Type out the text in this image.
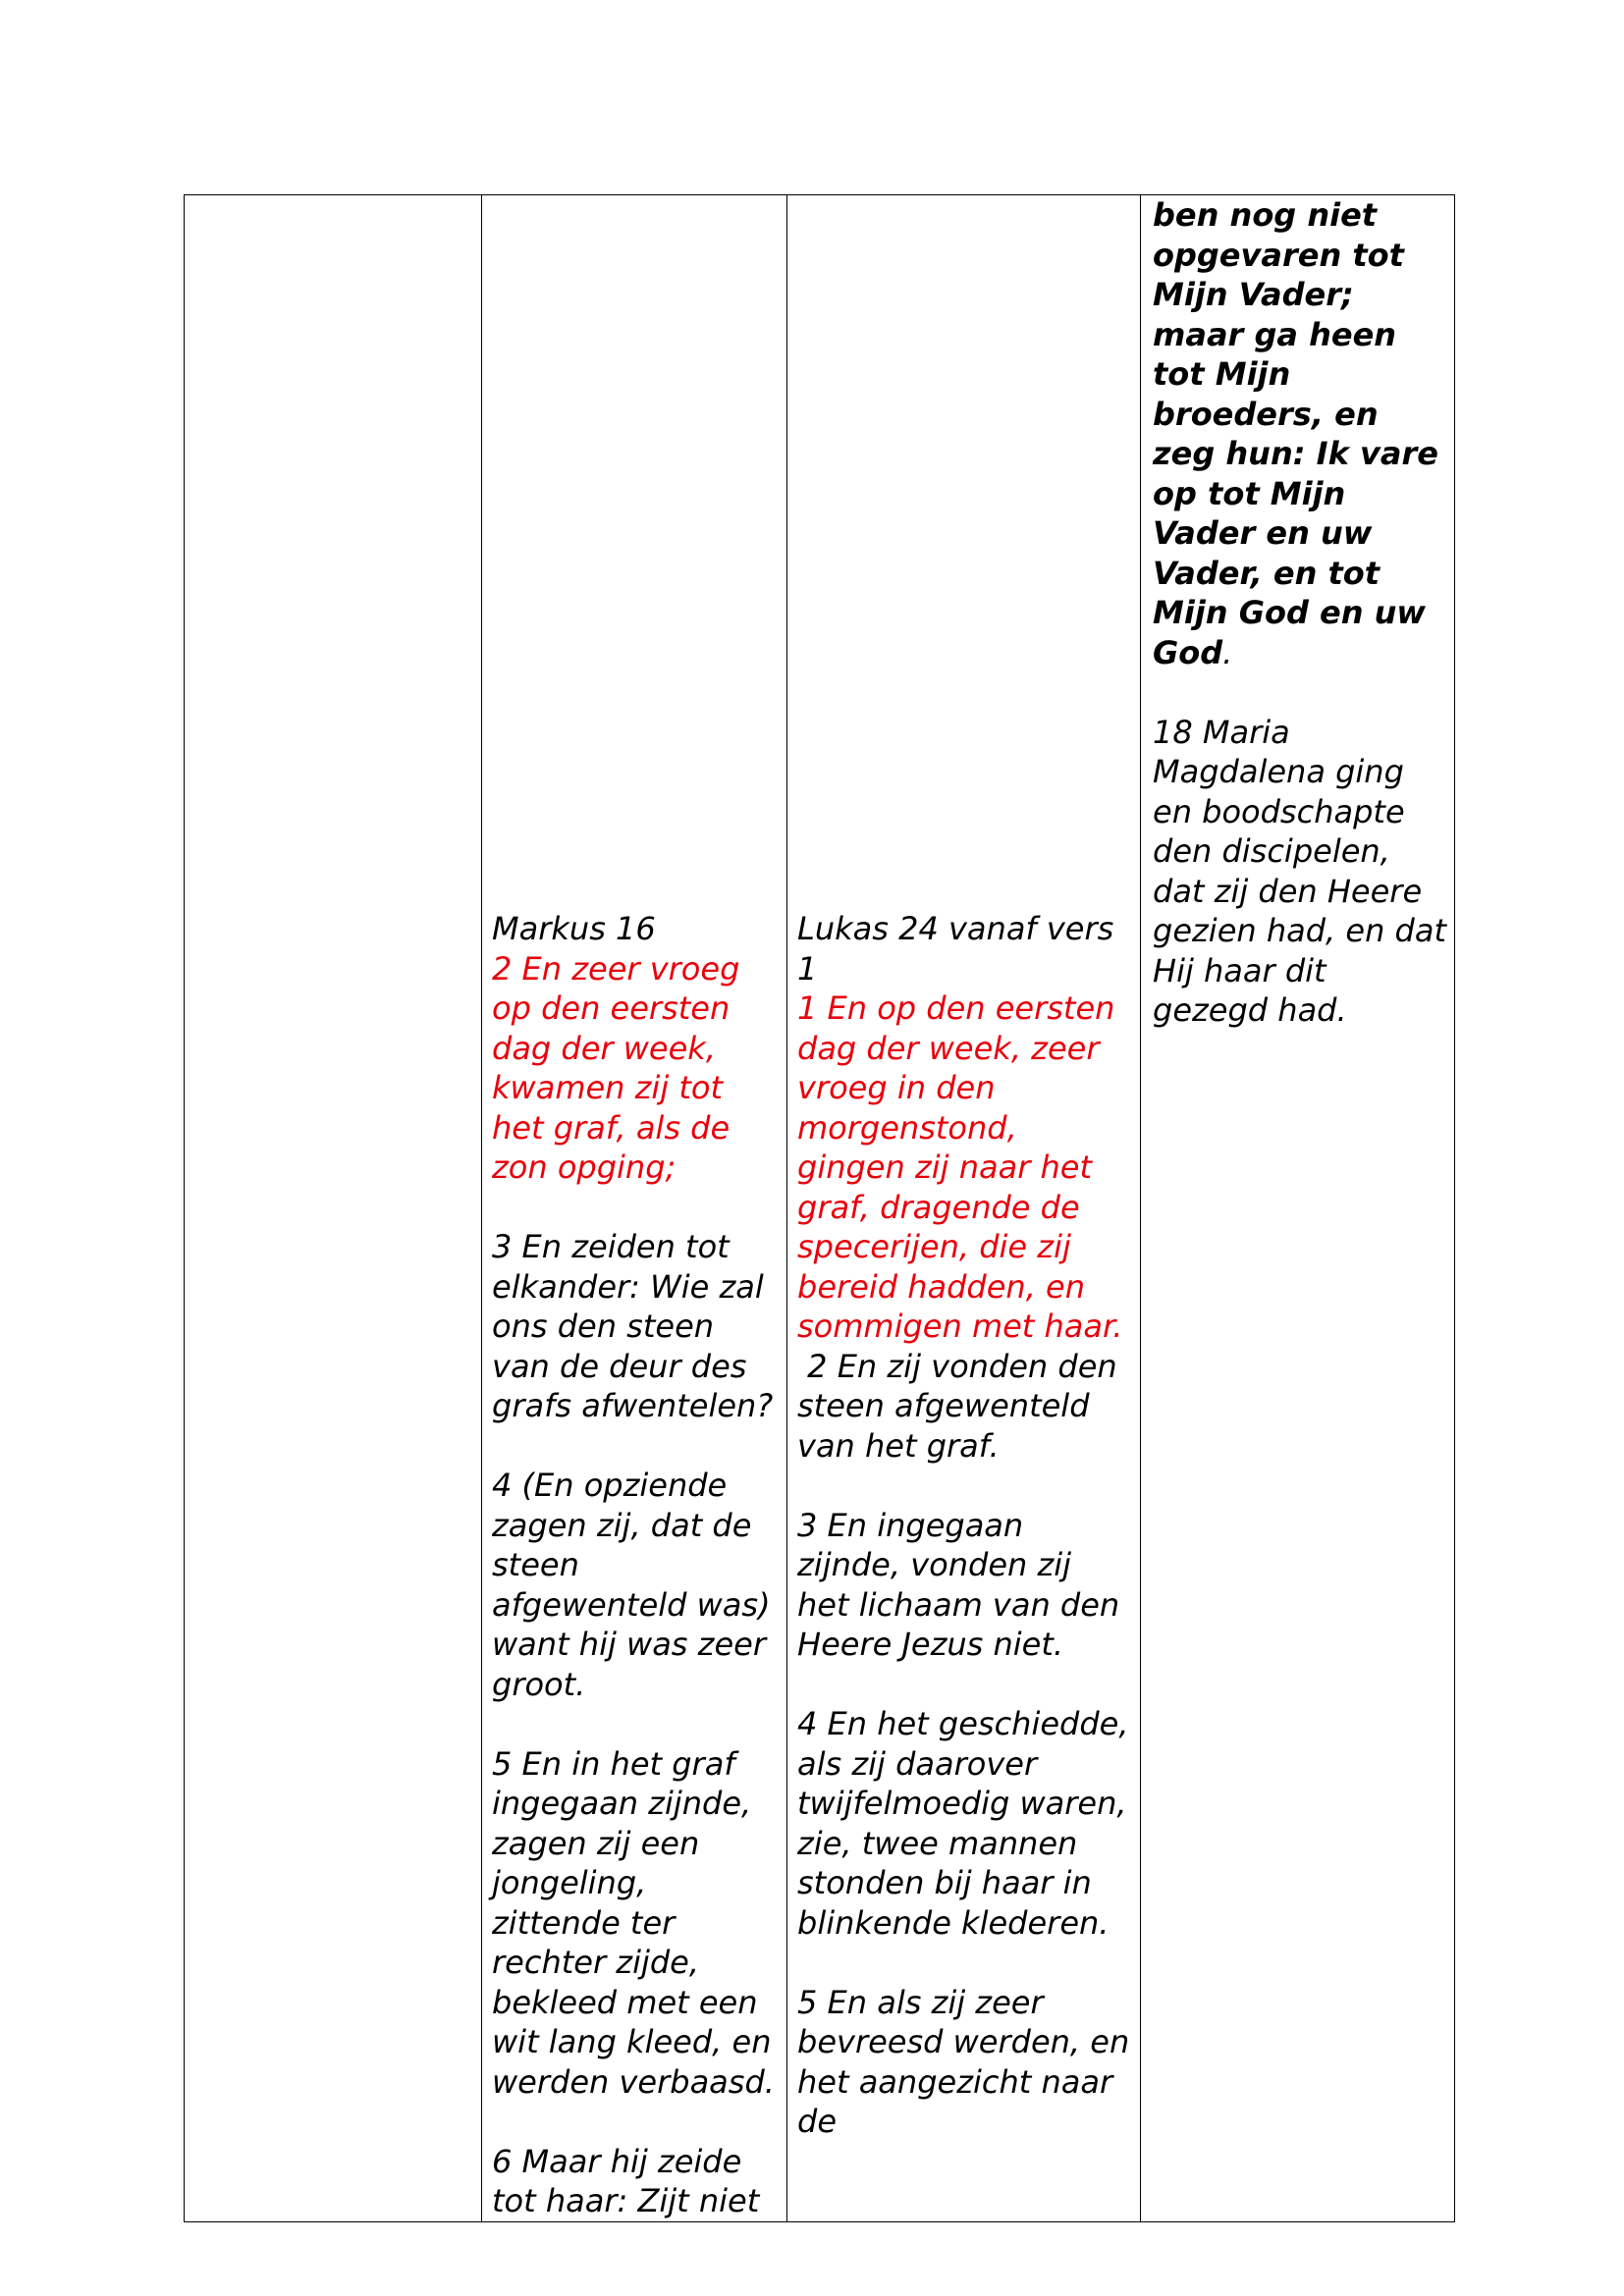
Markus 16
2 En zeer vroeg op den eersten dag der week, kwamen zij tot het graf, als de zon opging;
3 En zeiden tot elkander: Wie zal ons den steen van de deur des grafs afwentelen?
4 (En opziende zagen zij, dat de steen afgewenteld was) want hij was zeer groot.
5 En in het graf ingegaan zijnde, zagen zij een jongeling, zittende ter rechter zijde, bekleed met een wit lang kleed, en werden verbaasd.
6 Maar hij zeide tot haar: Zijt niet

Lukas 24 vanaf vers 1
1 En op den eersten dag der week, zeer vroeg in den morgenstond, gingen zij naar het graf, dragende de specerijen, die zij bereid hadden, en sommigen met haar.
2 En zij vonden den steen afgewenteld van het graf.
3 En ingegaan zijnde, vonden zij het lichaam van den Heere Jezus niet.
4 En het geschiedde, als zij daarover twijfelmoedig waren, zie, twee mannen stonden bij haar in blinkende klederen.
5 En als zij zeer bevreesd werden, en het aangezicht naar de

ben nog niet opgevaren tot Mijn Vader; maar ga heen tot Mijn broeders, en zeg hun: Ik vare op tot Mijn Vader en uw Vader, en tot Mijn God en uw God.
18 Maria Magdalena ging en boodschapte den discipelen, dat zij den Heere gezien had, en dat Hij haar dit gezegd had.
